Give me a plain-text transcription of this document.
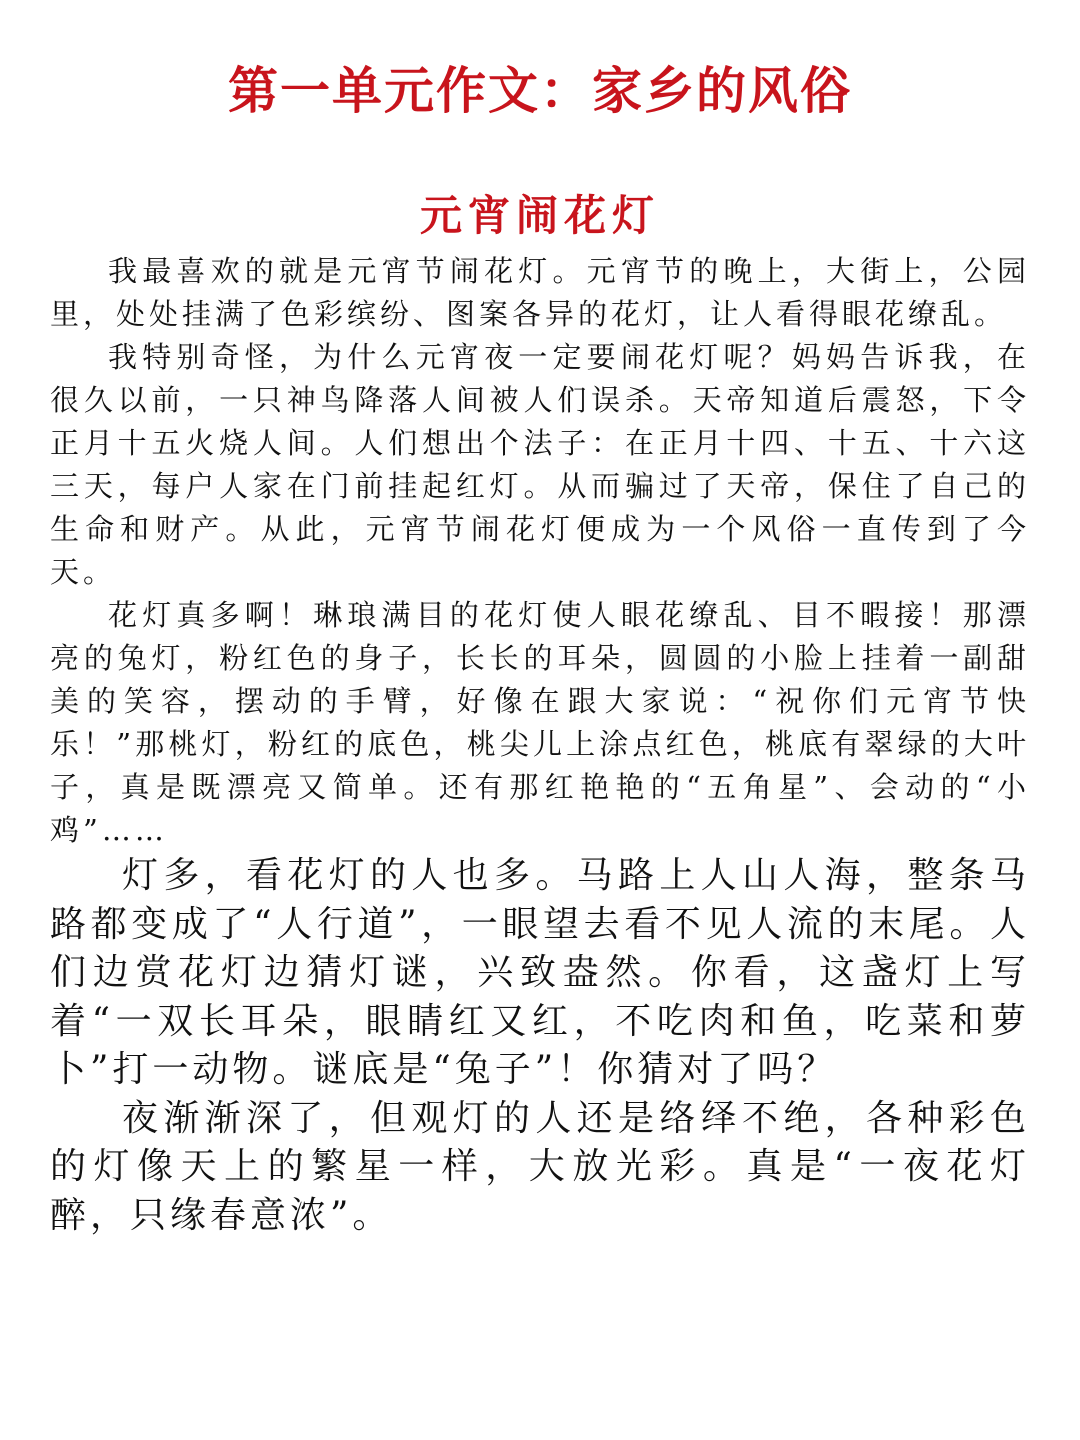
第一单元作文：家乡的风俗
元宵闹花灯

我最喜欢的就是元宵节闹花灯。元宵节的晚上，大街上，公园里，处处挂满了色彩缤纷、图案各异的花灯，让人看得眼花缭乱。

我特别奇怪，为什么元宵夜一定要闹花灯呢？妈妈告诉我，在很久以前，一只神鸟降落人间被人们误杀。天帝知道后震怒，下令正月十五火烧人间。人们想出个法子：在正月十四、十五、十六这三天，每户人家在门前挂起红灯。从而骗过了天帝，保住了自己的生命和财产。从此，元宵节闹花灯便成为一个风俗一直传到了今天。

花灯真多啊！琳琅满目的花灯使人眼花缭乱、目不暇接！那漂亮的兔灯，粉红色的身子，长长的耳朵，圆圆的小脸上挂着一副甜美的笑容，摆动的手臂，好像在跟大家说：“祝你们元宵节快乐！”那桃灯，粉红的底色，桃尖儿上涂点红色，桃底有翠绿的大叶子，真是既漂亮又简单。还有那红艳艳的“五角星”、会动的“小鸡”……

灯多，看花灯的人也多。马路上人山人海，整条马路都变成了“人行道”，一眼望去看不见人流的末尾。人们边赏花灯边猜灯谜，兴致盎然。你看，这盏灯上写着“一双长耳朵，眼睛红又红，不吃肉和鱼，吃菜和萝卜”打一动物。谜底是“兔子”！你猜对了吗？

夜渐渐深了，但观灯的人还是络绎不绝，各种彩色的灯像天上的繁星一样，大放光彩。真是“一夜花灯醉，只缘春意浓”。
